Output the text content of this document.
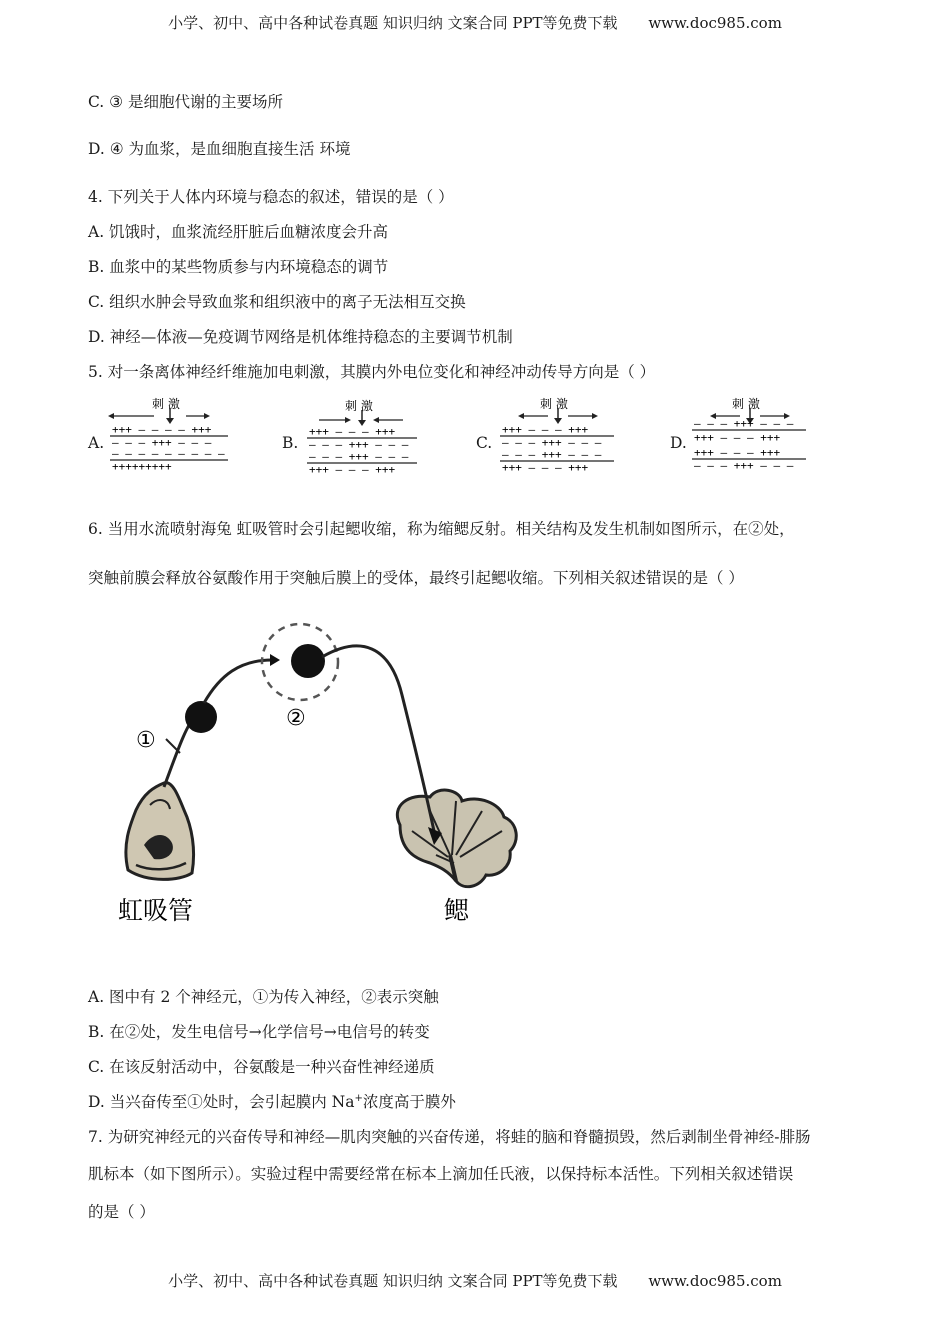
小学、初中、高中各种试卷真题 知识归纳 文案合同 PPT等免费下载 www.doc985.com
C. ③ 是细胞代谢的主要场所
D. ④ 为血浆，是血细胞直接生活 环境
4. 下列关于人体内环境与稳态的叙述，错误的是（ ）
A. 饥饿时，血浆流经肝脏后血糖浓度会升高
B. 血浆中的某些物质参与内环境稳态的调节
C. 组织水肿会导致血浆和组织液中的离子无法相互交换
D. 神经—体液—免疫调节网络是机体维持稳态的主要调节机制
5. 对一条离体神经纤维施加电刺激，其膜内外电位变化和神经冲动传导方向是（ ）
A.
刺 激
+++ – – – – +++
– – – +++ – – –
– – – – – – – – –
+++++++++
B.
刺 激
+++ – – – +++
– – – +++ – – –
– – – +++ – – –
+++ – – – +++
C.
刺 激
+++ – – – +++
– – – +++ – – –
– – – +++ – – –
+++ – – – +++
D.
刺 激
– – – +++ – – –
+++ – – – +++
+++ – – – +++
– – – +++ – – –
6. 当用水流喷射海兔 虹吸管时会引起鳃收缩，称为缩鳃反射。相关结构及发生机制如图所示，在②处，
突触前膜会释放谷氨酸作用于突触后膜上的受体，最终引起鳃收缩。下列相关叙述错误的是（ ）
①
②
虹吸管	鳃
A. 图中有 2 个神经元，①为传入神经，②表示突触
B. 在②处，发生电信号→化学信号→电信号的转变
C. 在该反射活动中，谷氨酸是一种兴奋性神经递质
D. 当兴奋传至①处时，会引起膜内 Na+浓度高于膜外
7. 为研究神经元的兴奋传导和神经—肌肉突触的兴奋传递，将蛙的脑和脊髓损毁，然后剥制坐骨神经-腓肠
肌标本（如下图所示）。实验过程中需要经常在标本上滴加任氏液，以保持标本活性。下列相关叙述错误
的是（ ）
小学、初中、高中各种试卷真题 知识归纳 文案合同 PPT等免费下载 www.doc985.com
